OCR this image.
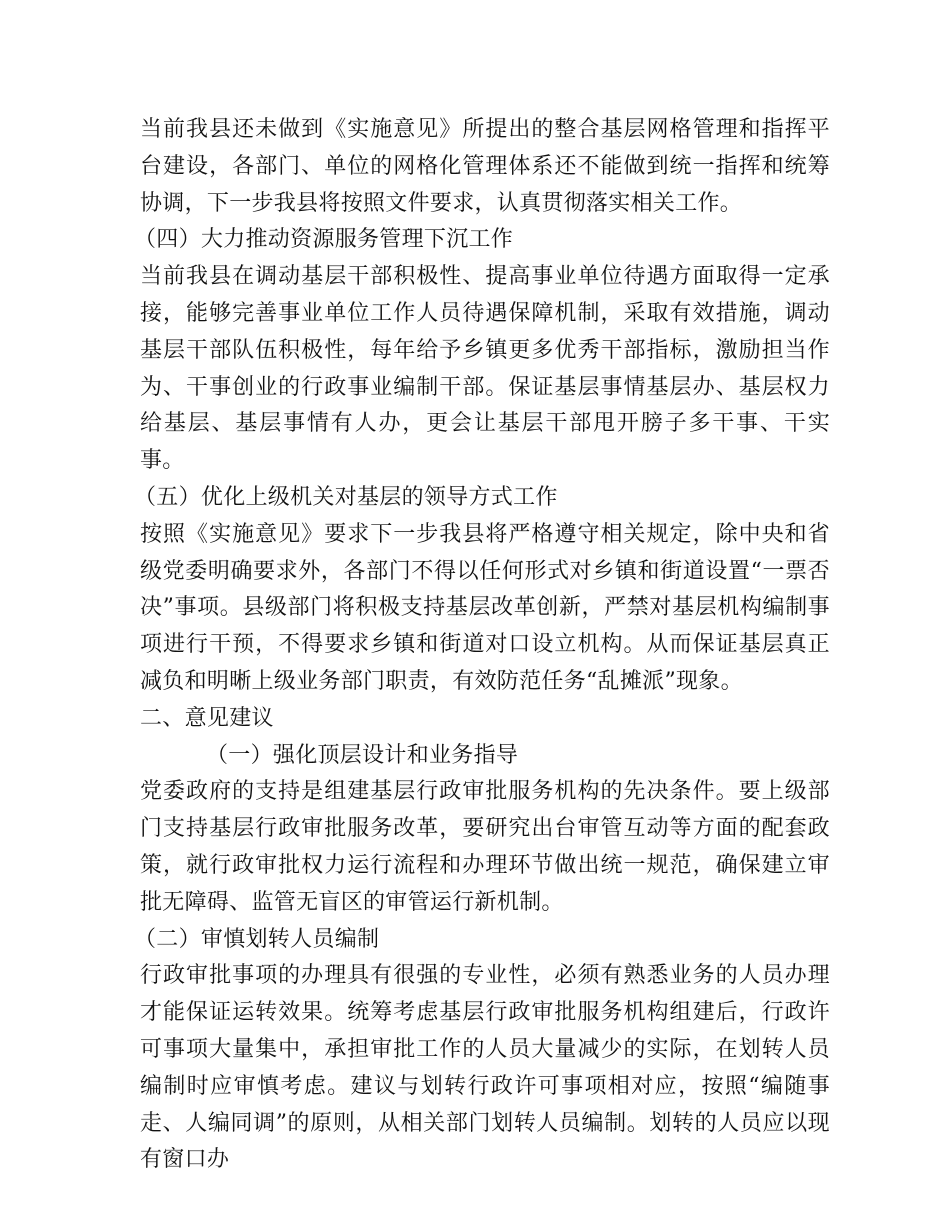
当前我县还未做到《实施意见》所提出的整合基层网格管理和指挥平台建设，各部门、单位的网格化管理体系还不能做到统一指挥和统筹协调，下一步我县将按照文件要求，认真贯彻落实相关工作。

（四）大力推动资源服务管理下沉工作

当前我县在调动基层干部积极性、提高事业单位待遇方面取得一定承接，能够完善事业单位工作人员待遇保障机制，采取有效措施，调动基层干部队伍积极性，每年给予乡镇更多优秀干部指标，激励担当作为、干事创业的行政事业编制干部。保证基层事情基层办、基层权力给基层、基层事情有人办，更会让基层干部甩开膀子多干事、干实事。

（五）优化上级机关对基层的领导方式工作

按照《实施意见》要求下一步我县将严格遵守相关规定，除中央和省级党委明确要求外，各部门不得以任何形式对乡镇和街道设置“一票否决”事项。县级部门将积极支持基层改革创新，严禁对基层机构编制事项进行干预，不得要求乡镇和街道对口设立机构。从而保证基层真正减负和明晰上级业务部门职责，有效防范任务“乱摊派”现象。

二、意见建议

（一）强化顶层设计和业务指导

党委政府的支持是组建基层行政审批服务机构的先决条件。要上级部门支持基层行政审批服务改革，要研究出台审管互动等方面的配套政策，就行政审批权力运行流程和办理环节做出统一规范，确保建立审批无障碍、监管无盲区的审管运行新机制。

（二）审慎划转人员编制

行政审批事项的办理具有很强的专业性，必须有熟悉业务的人员办理才能保证运转效果。统筹考虑基层行政审批服务机构组建后，行政许可事项大量集中，承担审批工作的人员大量减少的实际，在划转人员编制时应审慎考虑。建议与划转行政许可事项相对应，按照“编随事走、人编同调”的原则，从相关部门划转人员编制。划转的人员应以现有窗口办
